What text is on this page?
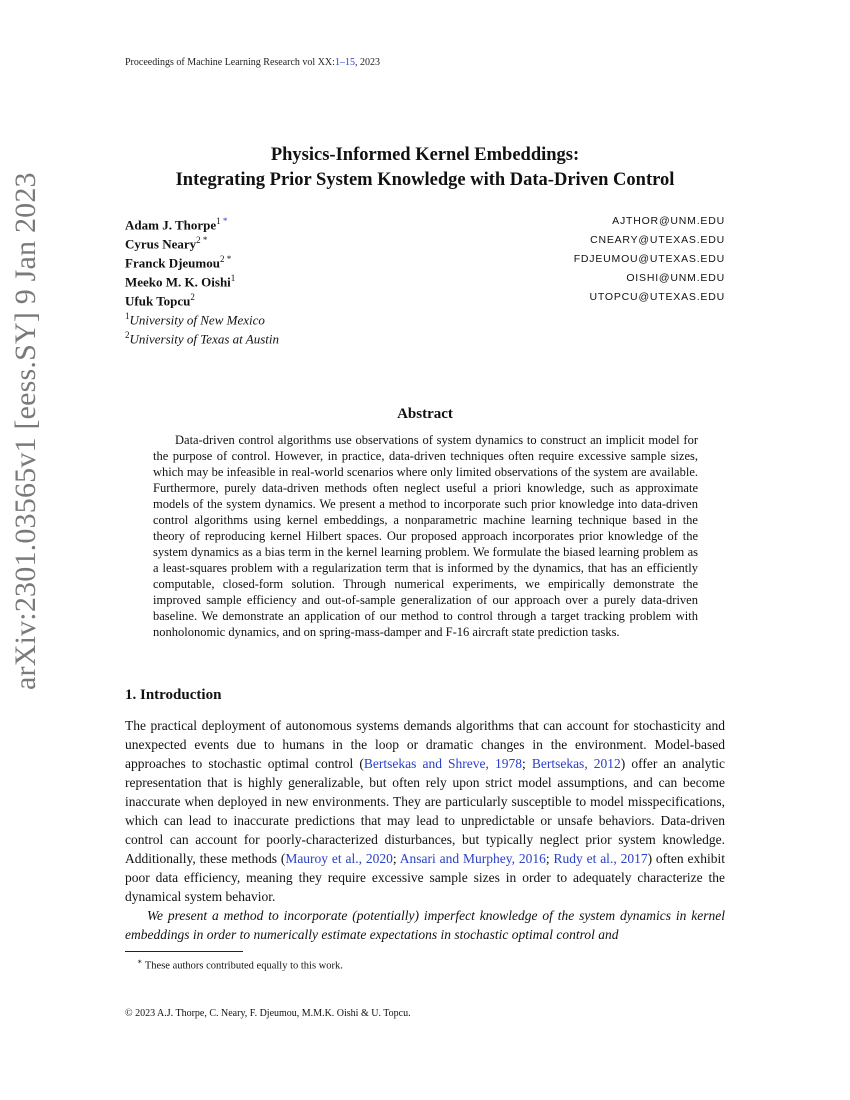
Proceedings of Machine Learning Research vol XX:1–15, 2023
arXiv:2301.03565v1 [eess.SY] 9 Jan 2023
Physics-Informed Kernel Embeddings:
Integrating Prior System Knowledge with Data-Driven Control
Adam J. Thorpe$^1$ *	AJTHOR@UNM.EDU
Cyrus Neary$^2$ *	CNEARY@UTEXAS.EDU
Franck Djeumou$^2$ *	FDJEUMOU@UTEXAS.EDU
Meeko M. K. Oishi$^1$	OISHI@UNM.EDU
Ufuk Topcu$^2$	UTOPCU@UTEXAS.EDU
$^1$University of New Mexico
$^2$University of Texas at Austin
Abstract

Data-driven control algorithms use observations of system dynamics to construct an implicit model for the purpose of control. However, in practice, data-driven techniques often require excessive sample sizes, which may be infeasible in real-world scenarios where only limited observations of the system are available. Furthermore, purely data-driven methods often neglect useful a priori knowledge, such as approximate models of the system dynamics. We present a method to incorporate such prior knowledge into data-driven control algorithms using kernel embeddings, a nonparametric machine learning technique based in the theory of reproducing kernel Hilbert spaces. Our proposed approach incorporates prior knowledge of the system dynamics as a bias term in the kernel learning problem. We formulate the biased learning problem as a least-squares problem with a regularization term that is informed by the dynamics, that has an efficiently computable, closed-form solution. Through numerical experiments, we empirically demonstrate the improved sample efficiency and out-of-sample generalization of our approach over a purely data-driven baseline. We demonstrate an application of our method to control through a target tracking problem with nonholonomic dynamics, and on spring-mass-damper and F-16 aircraft state prediction tasks.

1. Introduction

The practical deployment of autonomous systems demands algorithms that can account for stochasticity and unexpected events due to humans in the loop or dramatic changes in the environment. Model-based approaches to stochastic optimal control (Bertsekas and Shreve, 1978; Bertsekas, 2012) offer an analytic representation that is highly generalizable, but often rely upon strict model assumptions, and can become inaccurate when deployed in new environments. They are particularly susceptible to model misspecifications, which can lead to inaccurate predictions that may lead to unpredictable or unsafe behaviors. Data-driven control can account for poorly-characterized disturbances, but typically neglect prior system knowledge. Additionally, these methods (Mauroy et al., 2020; Ansari and Murphey, 2016; Rudy et al., 2017) often exhibit poor data efficiency, meaning they require excessive sample sizes in order to adequately characterize the dynamical system behavior.

We present a method to incorporate (potentially) imperfect knowledge of the system dynamics in kernel embeddings in order to numerically estimate expectations in stochastic optimal control and

∗ These authors contributed equally to this work.
© 2023 A.J. Thorpe, C. Neary, F. Djeumou, M.M.K. Oishi & U. Topcu.
